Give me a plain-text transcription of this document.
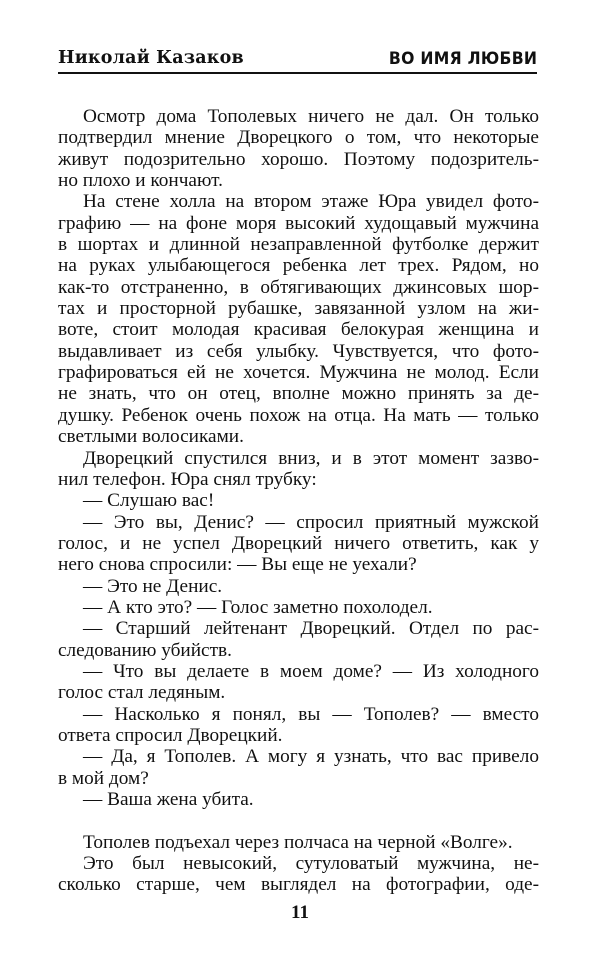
Николай Казаков	ВО ИМЯ ЛЮБВИ
Осмотр дома Тополевых ничего не дал. Он только
подтвердил мнение Дворецкого о том, что некоторые
живут подозрительно хорошо. Поэтому подозритель-
но плохо и кончают.
На стене холла на втором этаже Юра увидел фото-
графию — на фоне моря высокий худощавый мужчина
в шортах и длинной незаправленной футболке держит
на руках улыбающегося ребенка лет трех. Рядом, но
как-то отстраненно, в обтягивающих джинсовых шор-
тах и просторной рубашке, завязанной узлом на жи-
воте, стоит молодая красивая белокурая женщина и
выдавливает из себя улыбку. Чувствуется, что фото-
графироваться ей не хочется. Мужчина не молод. Если
не знать, что он отец, вполне можно принять за де-
душку. Ребенок очень похож на отца. На мать — только
светлыми волосиками.
Дворецкий спустился вниз, и в этот момент зазво-
нил телефон. Юра снял трубку:
— Слушаю вас!
— Это вы, Денис? — спросил приятный мужской
голос, и не успел Дворецкий ничего ответить, как у
него снова спросили: — Вы еще не уехали?
— Это не Денис.
— А кто это? — Голос заметно похолодел.
— Старший лейтенант Дворецкий. Отдел по рас-
следованию убийств.
— Что вы делаете в моем доме? — Из холодного
голос стал ледяным.
— Насколько я понял, вы — Тополев? — вместо
ответа спросил Дворецкий.
— Да, я Тополев. А могу я узнать, что вас привело
в мой дом?
— Ваша жена убита.
Тополев подъехал через полчаса на черной «Волге».
Это был невысокий, сутуловатый мужчина, не-
сколько старше, чем выглядел на фотографии, оде-
11
